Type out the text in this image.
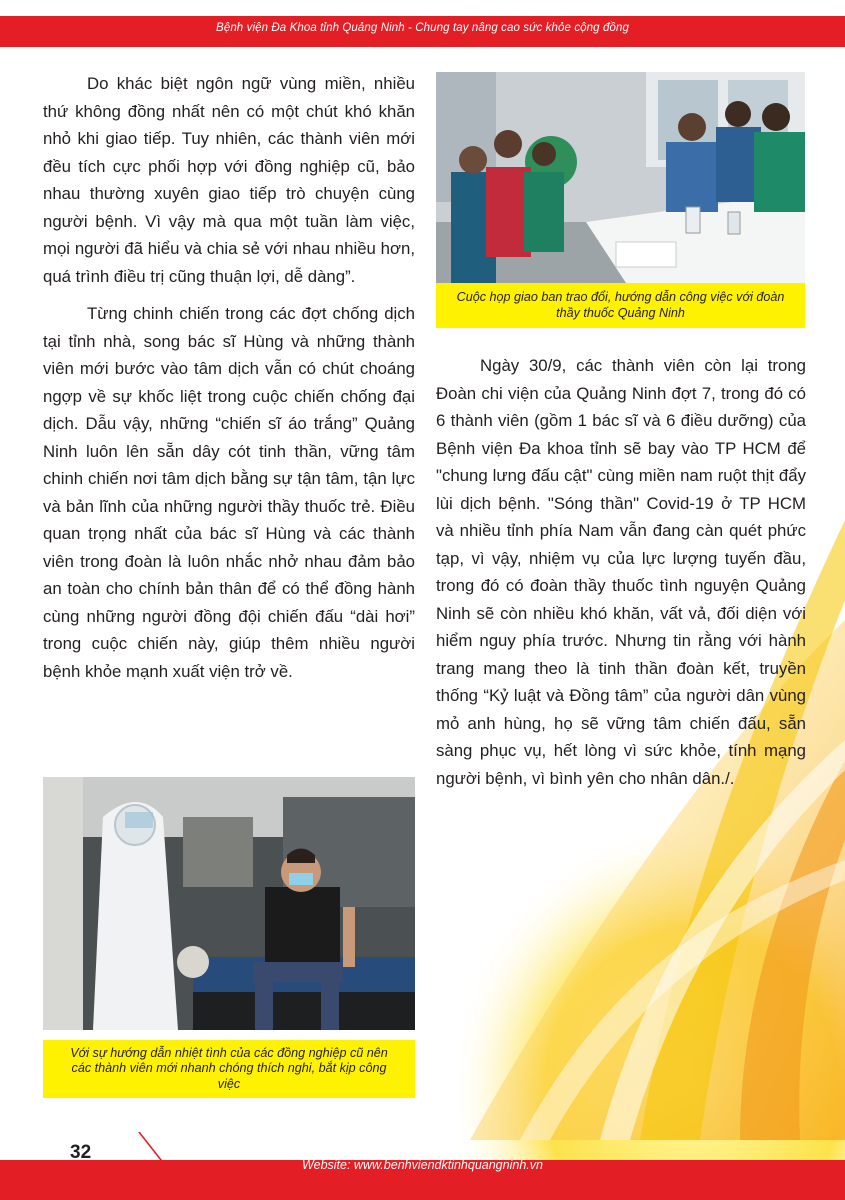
Bệnh viện Đa Khoa tỉnh Quảng Ninh - Chung tay nâng cao sức khỏe cộng đồng

Do khác biệt ngôn ngữ vùng miền, nhiều thứ không đồng nhất nên có một chút khó khăn nhỏ khi giao tiếp. Tuy nhiên, các thành viên mới đều tích cực phối hợp với đồng nghiệp cũ, bảo nhau thường xuyên giao tiếp trò chuyện cùng người bệnh. Vì vậy mà qua một tuần làm việc, mọi người đã hiểu và chia sẻ với nhau nhiều hơn, quá trình điều trị cũng thuận lợi, dễ dàng”.

Từng chinh chiến trong các đợt chống dịch tại tỉnh nhà, song bác sĩ Hùng và những thành viên mới bước vào tâm dịch vẫn có chút choáng ngợp về sự khốc liệt trong cuộc chiến chống đại dịch. Dẫu vậy, những “chiến sĩ áo trắng” Quảng Ninh luôn lên sẵn dây cót tinh thần, vững tâm chinh chiến nơi tâm dịch bằng sự tận tâm, tận lực và bản lĩnh của những người thầy thuốc trẻ. Điều quan trọng nhất của bác sĩ Hùng và các thành viên trong đoàn là luôn nhắc nhở nhau đảm bảo an toàn cho chính bản thân để có thể đồng hành cùng những người đồng đội chiến đấu “dài hơi” trong cuộc chiến này, giúp thêm nhiều người bệnh khỏe mạnh xuất viện trở về.

Cuộc họp giao ban trao đổi, hướng dẫn công việc với đoàn thầy thuốc Quảng Ninh

Ngày 30/9, các thành viên còn lại trong Đoàn chi viện của Quảng Ninh đợt 7, trong đó có 6 thành viên (gồm 1 bác sĩ và 6 điều dưỡng) của Bệnh viện Đa khoa tỉnh sẽ bay vào TP HCM để "chung lưng đấu cật" cùng miền nam ruột thịt đẩy lùi dịch bệnh. "Sóng thần" Covid-19 ở TP HCM và nhiều tỉnh phía Nam vẫn đang càn quét phức tạp, vì vậy, nhiệm vụ của lực lượng tuyến đầu, trong đó có đoàn thầy thuốc tình nguyện Quảng Ninh sẽ còn nhiều khó khăn, vất vả, đối diện với hiểm nguy phía trước. Nhưng tin rằng với hành trang mang theo là tinh thần đoàn kết, truyền thống “Kỷ luật và Đồng tâm” của người dân vùng mỏ anh hùng, họ sẽ vững tâm chiến đấu, sẵn sàng phục vụ, hết lòng vì sức khỏe, tính mạng người bệnh, vì bình yên cho nhân dân./.

Với sự hướng dẫn nhiệt tình của các đồng nghiệp cũ nên các thành viên mới nhanh chóng thích nghi, bắt kịp công việc
32
Website: www.benhviendktinhquangninh.vn
